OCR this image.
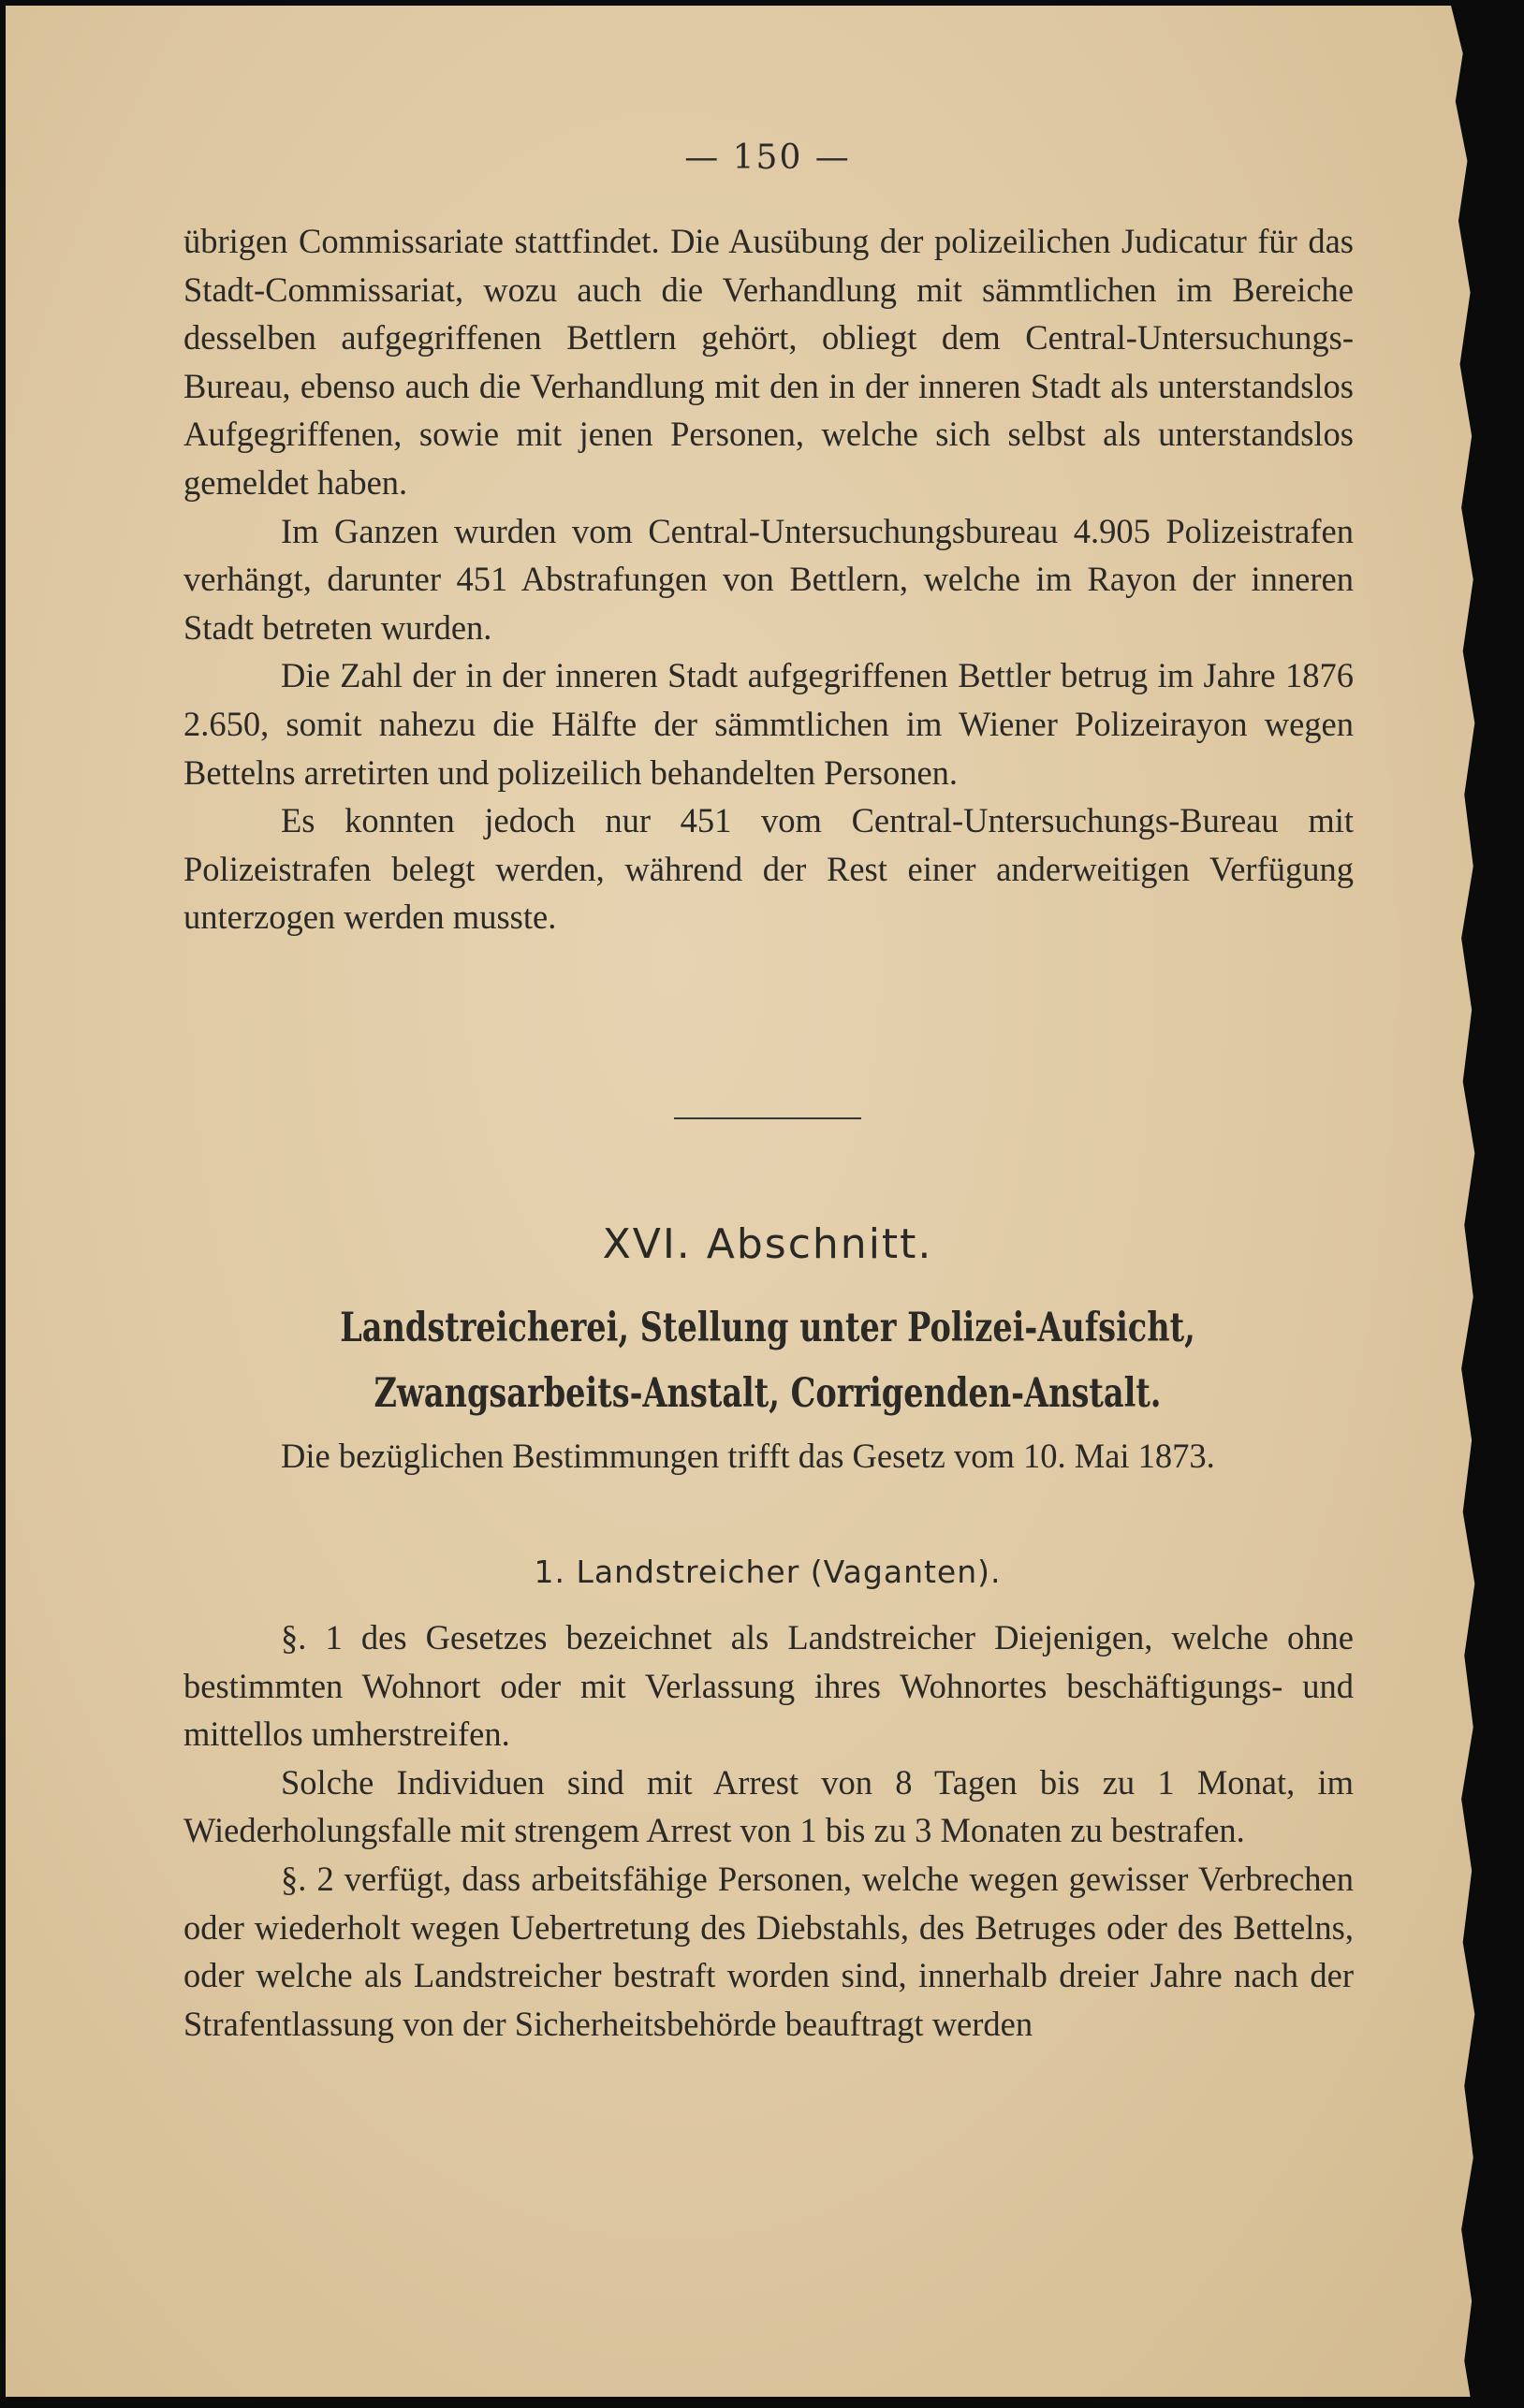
— 150 —

übrigen Commissariate stattfindet. Die Ausübung der polizeilichen Judicatur für das Stadt-Commissariat, wozu auch die Verhandlung mit sämmtlichen im Bereiche desselben aufgegriffenen Bettlern gehört, obliegt dem Central-Untersuchungs-Bureau, ebenso auch die Verhandlung mit den in der inneren Stadt als unterstandslos Aufgegriffenen, sowie mit jenen Personen, welche sich selbst als unterstandslos gemeldet haben.

Im Ganzen wurden vom Central-Untersuchungsbureau 4.905 Polizeistrafen verhängt, darunter 451 Abstrafungen von Bettlern, welche im Rayon der inneren Stadt betreten wurden.

Die Zahl der in der inneren Stadt aufgegriffenen Bettler betrug im Jahre 1876 2.650, somit nahezu die Hälfte der sämmtlichen im Wiener Polizeirayon wegen Bettelns arretirten und polizeilich behandelten Personen.

Es konnten jedoch nur 451 vom Central-Untersuchungs-Bureau mit Polizeistrafen belegt werden, während der Rest einer anderweitigen Verfügung unterzogen werden musste.

XVI. Abschnitt.
Landstreicherei, Stellung unter Polizei-Aufsicht, Zwangsarbeits-Anstalt, Corrigenden-Anstalt.

Die bezüglichen Bestimmungen trifft das Gesetz vom 10. Mai 1873.

1. Landstreicher (Vaganten).

§. 1 des Gesetzes bezeichnet als Landstreicher Diejenigen, welche ohne bestimmten Wohnort oder mit Verlassung ihres Wohnortes beschäftigungs- und mittellos umherstreifen.

Solche Individuen sind mit Arrest von 8 Tagen bis zu 1 Monat, im Wiederholungsfalle mit strengem Arrest von 1 bis zu 3 Monaten zu bestrafen.

§. 2 verfügt, dass arbeitsfähige Personen, welche wegen gewisser Verbrechen oder wiederholt wegen Uebertretung des Diebstahls, des Betruges oder des Bettelns, oder welche als Landstreicher bestraft worden sind, innerhalb dreier Jahre nach der Strafentlassung von der Sicherheitsbehörde beauftragt werden
